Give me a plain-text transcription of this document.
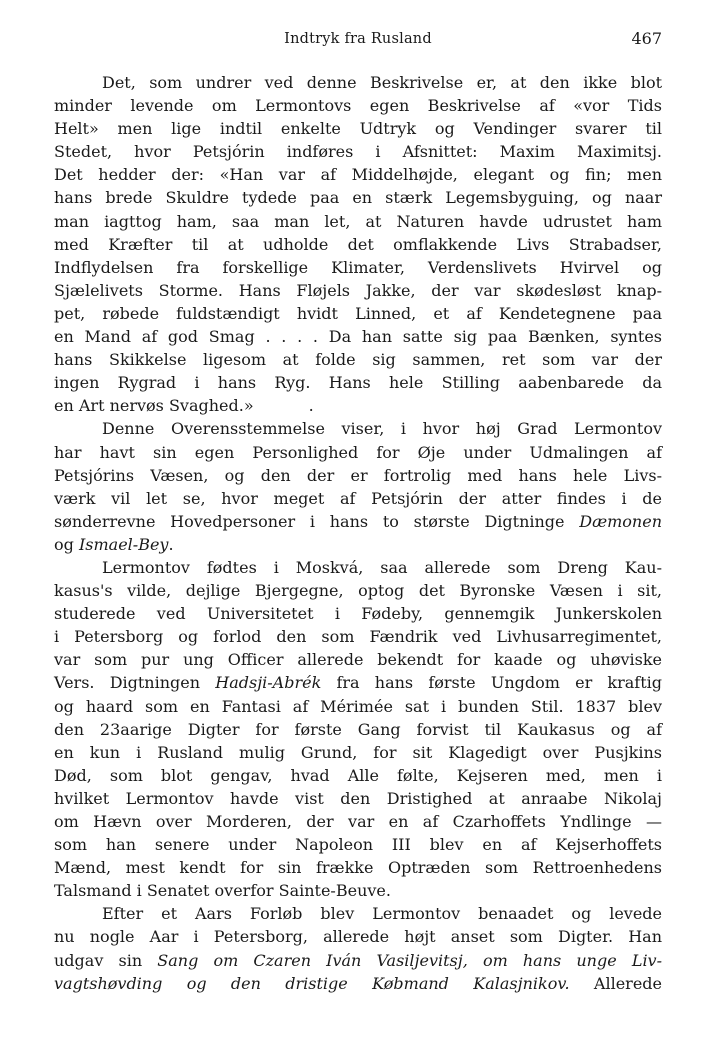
Indtryk fra Rusland	467
Det, som undrer ved denne Beskrivelse er, at den ikke blot
minder levende om Lermontovs egen Beskrivelse af «vor Tids
Helt» men lige indtil enkelte Udtryk og Vendinger svarer til
Stedet, hvor Petsjórin indføres i Afsnittet: Maxim Maximitsj.
Det hedder der: «Han var af Middelhøjde, elegant og fin; men
hans brede Skuldre tydede paa en stærk Legemsbyguing, og naar
man iagttog ham, saa man let, at Naturen havde udrustet ham
med Kræfter til at udholde det omflakkende Livs Strabadser,
Indflydelsen fra forskellige Klimater, Verdenslivets Hvirvel og
Sjælelivets Storme. Hans Fløjels Jakke, der var skødesløst knap-
pet, røbede fuldstændigt hvidt Linned, et af Kendetegnene paa
en Mand af god Smag . . . . Da han satte sig paa Bænken, syntes
hans Skikkelse ligesom at folde sig sammen, ret som var der
ingen Rygrad i hans Ryg. Hans hele Stilling aabenbarede da
en Art nervøs Svaghed.»	.
Denne Overensstemmelse viser, i hvor høj Grad Lermontov
har havt sin egen Personlighed for Øje under Udmalingen af
Petsjórins Væsen, og den der er fortrolig med hans hele Livs-
værk vil let se, hvor meget af Petsjórin der atter findes i de
sønderrevne Hovedpersoner i hans to største Digtninge Dæmonen
og Ismael-Bey.
Lermontov fødtes i Moskvá, saa allerede som Dreng Kau-
kasus's vilde, dejlige Bjergegne, optog det Byronske Væsen i sit,
studerede ved Universitetet i Fødeby, gennemgik Junkerskolen
i Petersborg og forlod den som Fændrik ved Livhusarregimentet,
var som pur ung Officer allerede bekendt for kaade og uhøviske
Vers. Digtningen Hadsji-Abrék fra hans første Ungdom er kraftig
og haard som en Fantasi af Mérimée sat i bunden Stil. 1837 blev
den 23aarige Digter for første Gang forvist til Kaukasus og af
en kun i Rusland mulig Grund, for sit Klagedigt over Pusjkins
Død, som blot gengav, hvad Alle følte, Kejseren med, men i
hvilket Lermontov havde vist den Dristighed at anraabe Nikolaj
om Hævn over Morderen, der var en af Czarhoffets Yndlinge —
som han senere under Napoleon III blev en af Kejserhoffets
Mænd, mest kendt for sin frække Optræden som Rettroenhedens
Talsmand i Senatet overfor Sainte-Beuve.
Efter et Aars Forløb blev Lermontov benaadet og levede
nu nogle Aar i Petersborg, allerede højt anset som Digter. Han
udgav sin Sang om Czaren Iván Vasiljevitsj, om hans unge Liv-
vagtshøvding og den dristige Købmand Kalasjnikov. Allerede
